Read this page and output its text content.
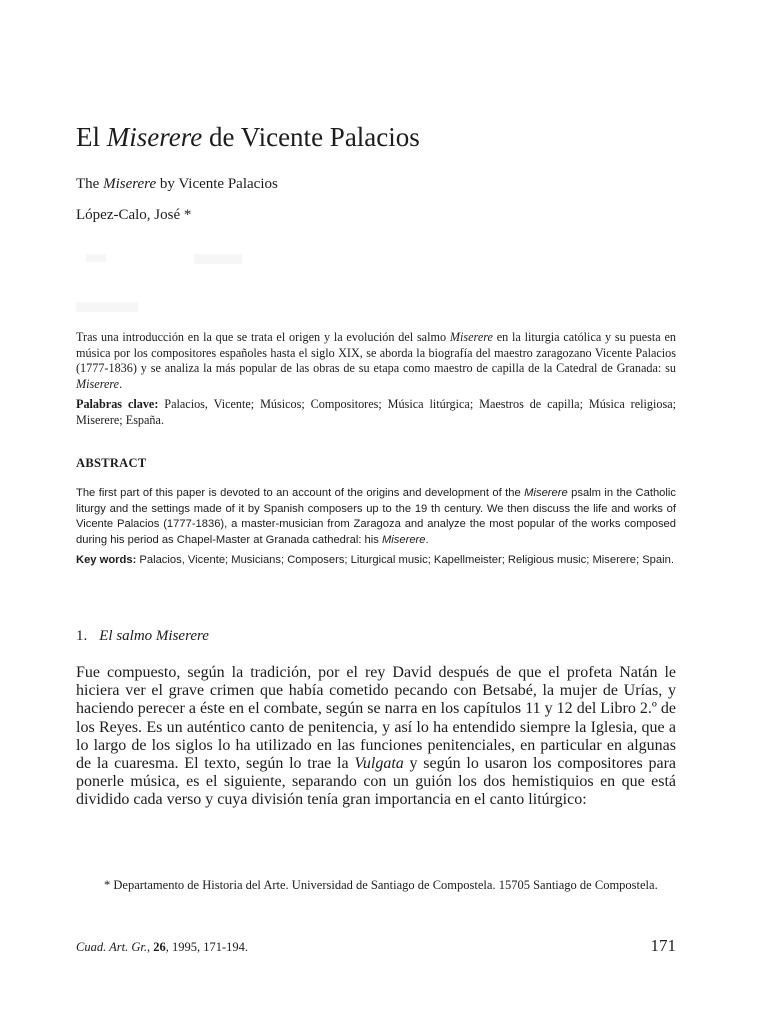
El Miserere de Vicente Palacios
The Miserere by Vicente Palacios
López-Calo, José *

Tras una introducción en la que se trata el origen y la evolución del salmo Miserere en la liturgia católica y su puesta en música por los compositores españoles hasta el siglo XIX, se aborda la biografía del maestro zaragozano Vicente Palacios (1777-1836) y se analiza la más popular de las obras de su etapa como maestro de capilla de la Catedral de Granada: su Miserere.

Palabras clave: Palacios, Vicente; Músicos; Compositores; Música litúrgica; Maestros de capilla; Música religiosa; Miserere; España.

ABSTRACT

The first part of this paper is devoted to an account of the origins and development of the Miserere psalm in the Catholic liturgy and the settings made of it by Spanish composers up to the 19 th century. We then discuss the life and works of Vicente Palacios (1777-1836), a master-musician from Zaragoza and analyze the most popular of the works composed during his period as Chapel-Master at Granada cathedral: his Miserere.

Key words: Palacios, Vicente; Musicians; Composers; Liturgical music; Kapellmeister; Religious music; Miserere; Spain.

1. El salmo Miserere

Fue compuesto, según la tradición, por el rey David después de que el profeta Natán le hiciera ver el grave crimen que había cometido pecando con Betsabé, la mujer de Urías, y haciendo perecer a éste en el combate, según se narra en los capítulos 11 y 12 del Libro 2.º de los Reyes. Es un auténtico canto de penitencia, y así lo ha entendido siempre la Iglesia, que a lo largo de los siglos lo ha utilizado en las funciones penitenciales, en particular en algunas de la cuaresma. El texto, según lo trae la Vulgata y según lo usaron los compositores para ponerle música, es el siguiente, separando con un guión los dos hemistiquios en que está dividido cada verso y cuya división tenía gran importancia en el canto litúrgico:

* Departamento de Historia del Arte. Universidad de Santiago de Compostela. 15705 Santiago de Compostela.

Cuad. Art. Gr., 26, 1995, 171-194.	171
